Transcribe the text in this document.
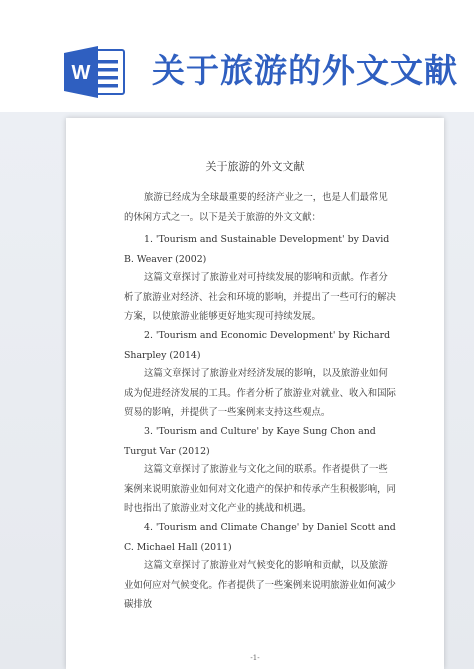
W 关于旅游的外文文献
关于旅游的外文文献
旅游已经成为全球最重要的经济产业之一，也是人们最常见的休闲方式之一。以下是关于旅游的外文文献：
1. 'Tourism and Sustainable Development' by David B. Weaver (2002)
这篇文章探讨了旅游业对可持续发展的影响和贡献。作者分析了旅游业对经济、社会和环境的影响，并提出了一些可行的解决方案，以使旅游业能够更好地实现可持续发展。
2. 'Tourism and Economic Development' by Richard Sharpley (2014)
这篇文章探讨了旅游业对经济发展的影响，以及旅游业如何成为促进经济发展的工具。作者分析了旅游业对就业、收入和国际贸易的影响，并提供了一些案例来支持这些观点。
3. 'Tourism and Culture' by Kaye Sung Chon and Turgut Var (2012)
这篇文章探讨了旅游业与文化之间的联系。作者提供了一些案例来说明旅游业如何对文化遗产的保护和传承产生积极影响，同时也指出了旅游业对文化产业的挑战和机遇。
4. 'Tourism and Climate Change' by Daniel Scott and C. Michael Hall (2011)
这篇文章探讨了旅游业对气候变化的影响和贡献，以及旅游业如何应对气候变化。作者提供了一些案例来说明旅游业如何减少碳排放
-1-
